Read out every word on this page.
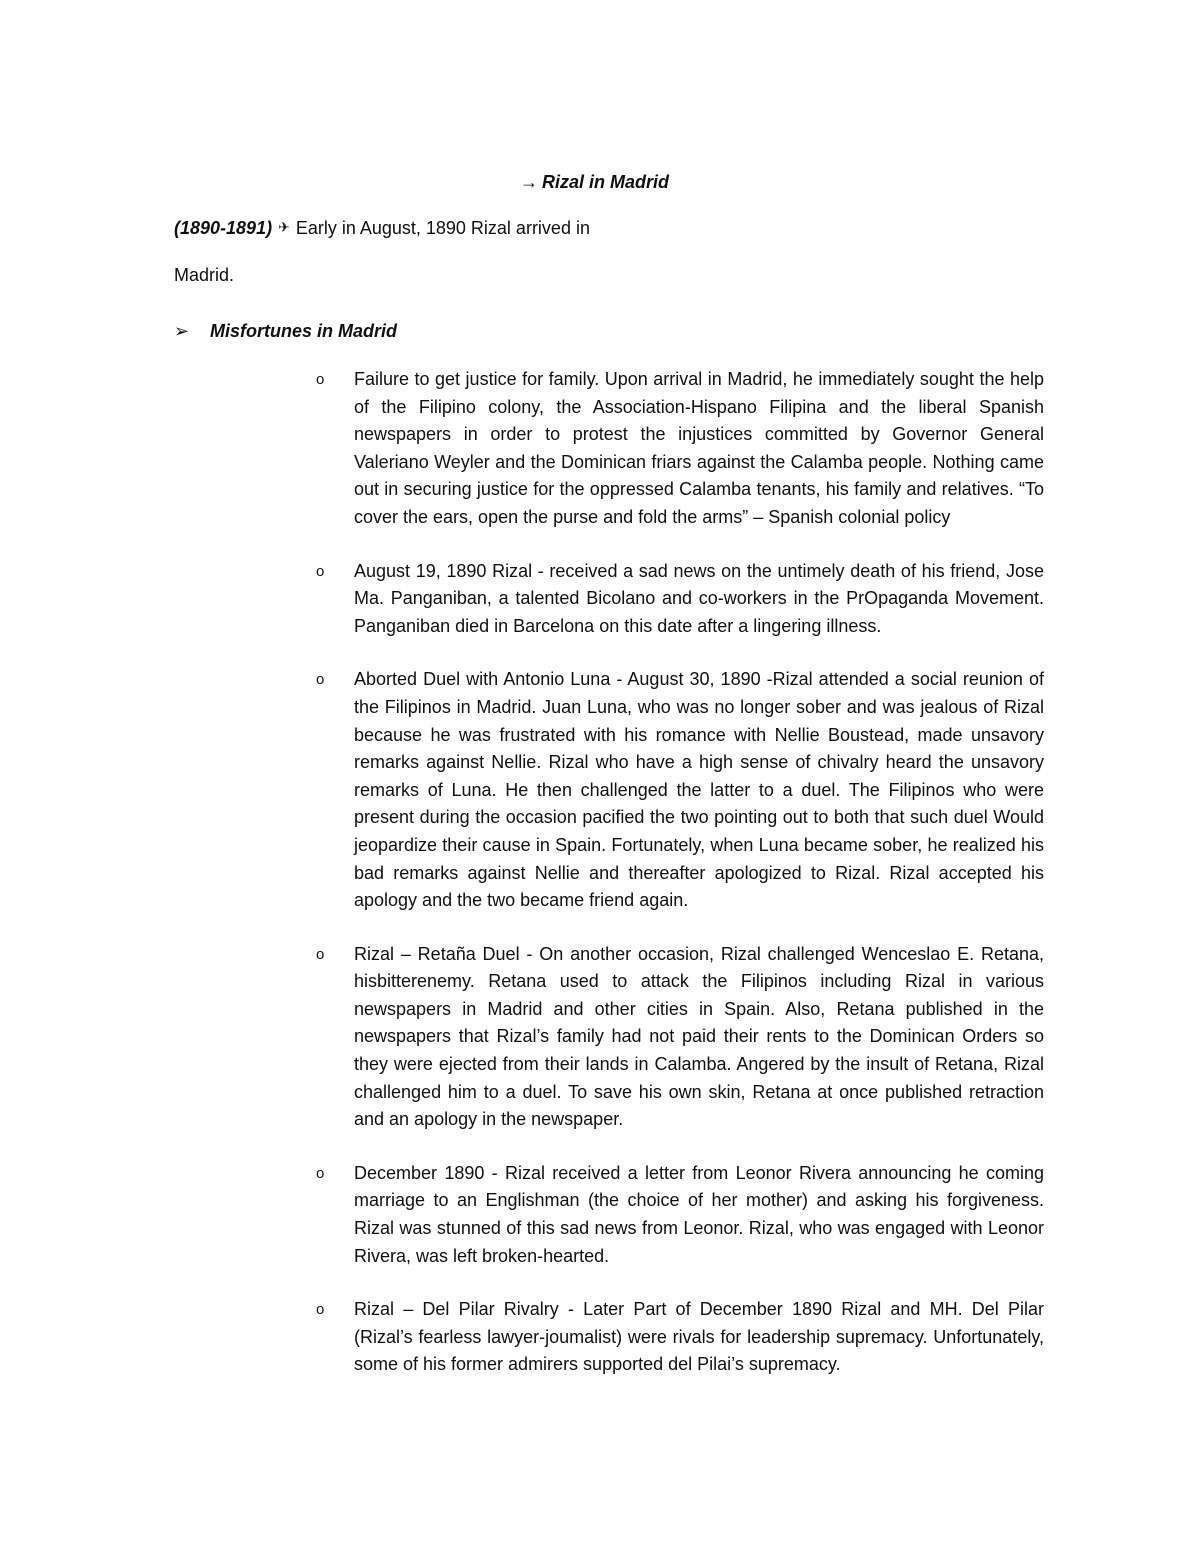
→ Rizal in Madrid
(1890-1891) ✈ Early in August, 1890 Rizal arrived in
Madrid.
➢ Misfortunes in Madrid
o Failure to get justice for family. Upon arrival in Madrid, he immediately sought the help of the Filipino colony, the Association-Hispano Filipina and the liberal Spanish newspapers in order to protest the injustices committed by Governor General Valeriano Weyler and the Dominican friars against the Calamba people. Nothing came out in securing justice for the oppressed Calamba tenants, his family and relatives. “To cover the ears, open the purse and fold the arms” – Spanish colonial policy
o August 19, 1890 Rizal - received a sad news on the untimely death of his friend, Jose Ma. Panganiban, a talented Bicolano and co-workers in the PrOpaganda Movement. Panganiban died in Barcelona on this date after a lingering illness.
o Aborted Duel with Antonio Luna - August 30, 1890 -Rizal attended a social reunion of the Filipinos in Madrid. Juan Luna, who was no longer sober and was jealous of Rizal because he was frustrated with his romance with Nellie Boustead, made unsavory remarks against Nellie. Rizal who have a high sense of chivalry heard the unsavory remarks of Luna. He then challenged the latter to a duel. The Filipinos who were present during the occasion pacified the two pointing out to both that such duel Would jeopardize their cause in Spain. Fortunately, when Luna became sober, he realized his bad remarks against Nellie and thereafter apologized to Rizal. Rizal accepted his apology and the two became friend again.
o Rizal – Retaña Duel - On another occasion, Rizal challenged Wenceslao E. Retana, hisbitterenemy. Retana used to attack the Filipinos including Rizal in various newspapers in Madrid and other cities in Spain. Also, Retana published in the newspapers that Rizal’s family had not paid their rents to the Dominican Orders so they were ejected from their lands in Calamba. Angered by the insult of Retana, Rizal challenged him to a duel. To save his own skin, Retana at once published retraction and an apology in the newspaper.
o December 1890 - Rizal received a letter from Leonor Rivera announcing he coming marriage to an Englishman (the choice of her mother) and asking his forgiveness. Rizal was stunned of this sad news from Leonor. Rizal, who was engaged with Leonor Rivera, was left broken-hearted.
o Rizal – Del Pilar Rivalry - Later Part of December 1890 Rizal and MH. Del Pilar (Rizal’s fearless lawyer-joumalist) were rivals for leadership supremacy. Unfortunately, some of his former admirers supported del Pilai’s supremacy.
